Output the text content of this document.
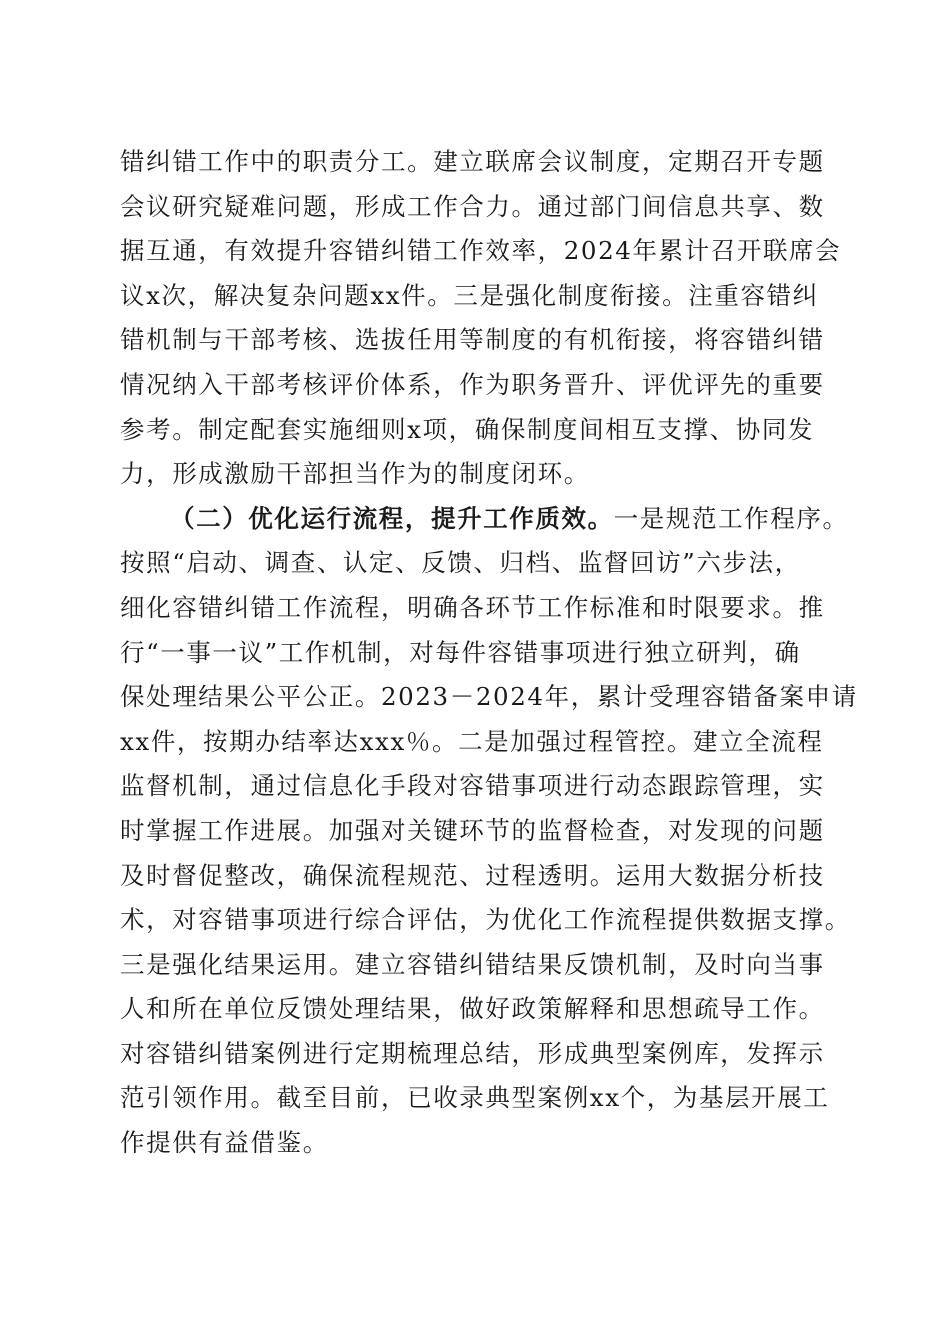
错纠错工作中的职责分工。建立联席会议制度，定期召开专题
会议研究疑难问题，形成工作合力。通过部门间信息共享、数
据互通，有效提升容错纠错工作效率，2024年累计召开联席会
议x次，解决复杂问题xx件。三是强化制度衔接。注重容错纠
错机制与干部考核、选拔任用等制度的有机衔接，将容错纠错
情况纳入干部考核评价体系，作为职务晋升、评优评先的重要
参考。制定配套实施细则x项，确保制度间相互支撑、协同发
力，形成激励干部担当作为的制度闭环。
（二）优化运行流程，提升工作质效。一是规范工作程序。
按照“启动、调查、认定、反馈、归档、监督回访”六步法，
细化容错纠错工作流程，明确各环节工作标准和时限要求。推
行“一事一议”工作机制，对每件容错事项进行独立研判，确
保处理结果公平公正。2023－2024年，累计受理容错备案申请
xx件，按期办结率达xxx％。二是加强过程管控。建立全流程
监督机制，通过信息化手段对容错事项进行动态跟踪管理，实
时掌握工作进展。加强对关键环节的监督检查，对发现的问题
及时督促整改，确保流程规范、过程透明。运用大数据分析技
术，对容错事项进行综合评估，为优化工作流程提供数据支撑。
三是强化结果运用。建立容错纠错结果反馈机制，及时向当事
人和所在单位反馈处理结果，做好政策解释和思想疏导工作。
对容错纠错案例进行定期梳理总结，形成典型案例库，发挥示
范引领作用。截至目前，已收录典型案例xx个，为基层开展工
作提供有益借鉴。
